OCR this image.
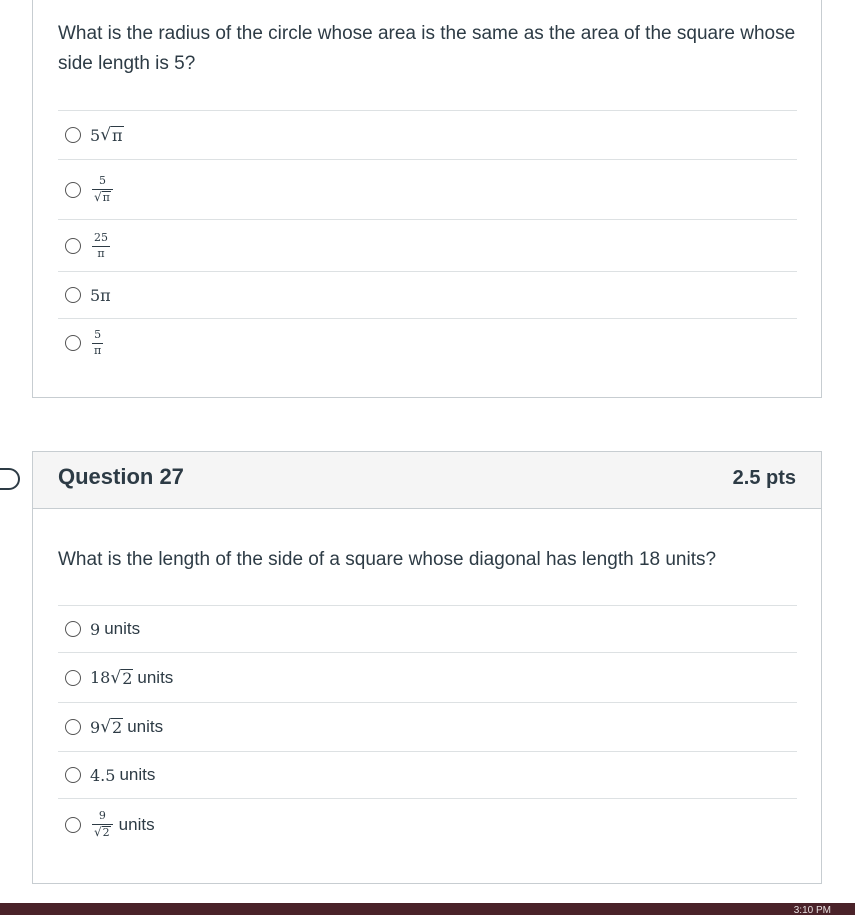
What is the radius of the circle whose area is the same as the area of the square whose side length is 5?
5 √ π
$\frac{5}{√ \pi}$
$\frac{25}{\pi}$
5π
$\frac{5}{\pi}$
Question 27	2.5 pts
What is the length of the side of a square whose diagonal has length 18 units?
9 units
18 √ 2 units
9 √ 2 units
4.5 units
$\frac{9}{√ 2}$ units
3:10 PM
